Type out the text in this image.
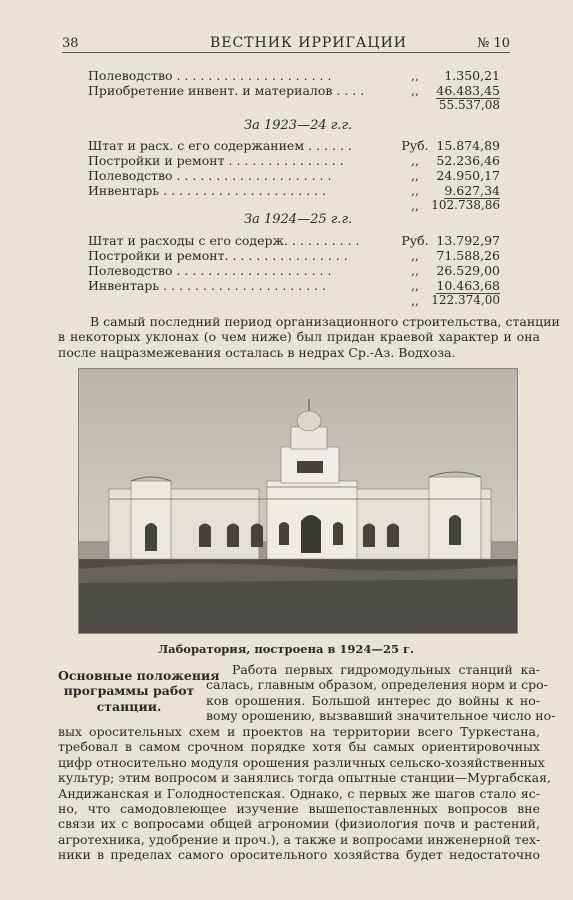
38	ВЕСТНИК ИРРИГАЦИИ	№ 10
Полеводство . . . . . . . . . . . . . . . . . . . .	,,	1.350,21
Приобретение инвент. и материалов . . . .	,,	46.483,45
55.537,08
За 1923—24 г.г.
Штат и расх. с его содержанием . . . . . .	Руб. 15.874,89
Постройки и ремонт . . . . . . . . . . . . . . .	,,	52.236,46
Полеводство . . . . . . . . . . . . . . . . . . . .	,,	24.950,17
Инвентарь . . . . . . . . . . . . . . . . . . . . .	,,	9.627,34
,,	102.738,86
За 1924—25 г.г.
Штат и расходы с его содерж. . . . . . . . . .	Руб. 13.792,97
Постройки и ремонт. . . . . . . . . . . . . . . .	,,	71.588,26
Полеводство . . . . . . . . . . . . . . . . . . . .	,,	26.529,00
Инвентарь . . . . . . . . . . . . . . . . . . . . .	,,	10.463,68
,,	122.374,00
В самый последний период организационного строительства, станции
в некоторых уклонах (о чем ниже) был придан краевой характер и она
после нацразмежевания осталась в недрах Ср.-Аз. Водхоза.
Лаборатория, построена в 1924—25 г.
Основные положения
программы работ
станции.
Работа первых гидромодульных станций ка-
салась, главным образом, определения норм и сро-
ков орошения. Большой интерес до войны к но-
вому орошению, вызвавший значительное число но-
вых оросительных схем и проектов на территории всего Туркестана,
требовал в самом срочном порядке хотя бы самых ориентировочных
цифр относительно модуля орошения различных сельско-хозяйственных
культур; этим вопросом и занялись тогда опытные станции—Мургабская,
Андижанская и Голодностепская. Однако, с первых же шагов стало яс-
но, что самодовлеющее изучение вышепоставленных вопросов вне
связи их с вопросами общей агрономии (физиология почв и растений,
агротехника, удобрение и проч.), а также и вопросами инженерной тех-
ники в пределах самого оросительного хозяйства будет недостаточно
